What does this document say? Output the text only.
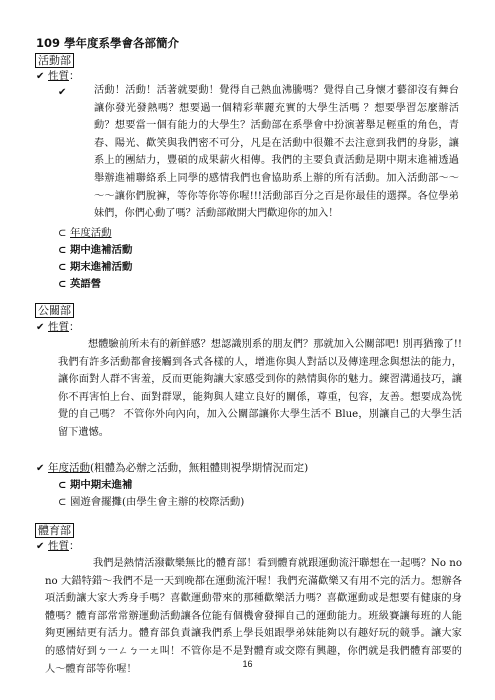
109 學年度系學會各部簡介
活動部
✔ 性質：
✔	活動！活動！活著就要動！覺得自己熱血沸騰嗎？覺得自己身懷才藝卻沒有舞台讓你發光發熱嗎？想要過一個精彩華麗充實的大學生活嗎 ？想要學習怎麼辦活動？想要當一個有能力的大學生？活動部在系學會中扮演著舉足輕重的角色，青春、陽光、歡笑與我們密不可分，凡是在活動中很難不去注意到我們的身影，讓系上的團結力，豐碩的成果薪火相傳。我們的主要負責活動是期中期末進補透過舉辦進補聯絡系上同學的感情我們也會協助系上辦的所有活動。加入活動部～～～～讓你們脫褲，等你等你等你喔!!!活動部百分之百是你最佳的選擇。各位學弟妹們，你們心動了嗎？活動部敞開大門歡迎你的加入！
⊂ 年度活動
⊂ 期中進補活動
⊂ 期末進補活動
⊂ 英語營
公關部
✔ 性質：
想體驗前所未有的新鮮感？想認識別系的朋友們？那就加入公關部吧! 別再猶豫了!!我們有許多活動都會接觸到各式各樣的人，增進你與人對話以及傳達理念與想法的能力，讓你面對人群不害羞，反而更能夠讓大家感受到你的熱情與你的魅力。練習溝通技巧，讓你不再害怕上台、面對群眾，能夠與人建立良好的關係，尊重，包容，友善。想要成為恍覺的自己嗎？ 不管你外向內向，加入公關部讓你大學生活不 Blue，別讓自己的大學生活留下遺憾。
✔ 年度活動(粗體為必辦之活動，無粗體則視學期情況而定)
⊂ 期中期末進補
⊂ 園遊會擺攤(由學生會主辦的校際活動)
體育部
✔ 性質：
我們是熱情活潑歡樂無比的體育部！看到體育就跟運動流汗聯想在一起嗎？No no no 大錯特錯～我們不是一天到晚都在運動流汗喔！我們充滿歡樂又有用不完的活力。想辦各項活動讓大家大秀身手嗎？喜歡運動帶來的那種歡樂活力嗎？喜歡運動或是想要有健康的身體嗎？體育部常常辦運動活動讓各位能有個機會發揮自己的運動能力。班級賽讓每班的人能夠更團結更有活力。體育部負責讓我們系上學長姐跟學弟妹能夠以有趣好玩的競爭。讓大家的感情好到ㄅ一ㄥㄅ一ㄤ叫！不管你是不是對體育或交際有興趣，你們就是我們體育部要的人～體育部等你喔！	16
